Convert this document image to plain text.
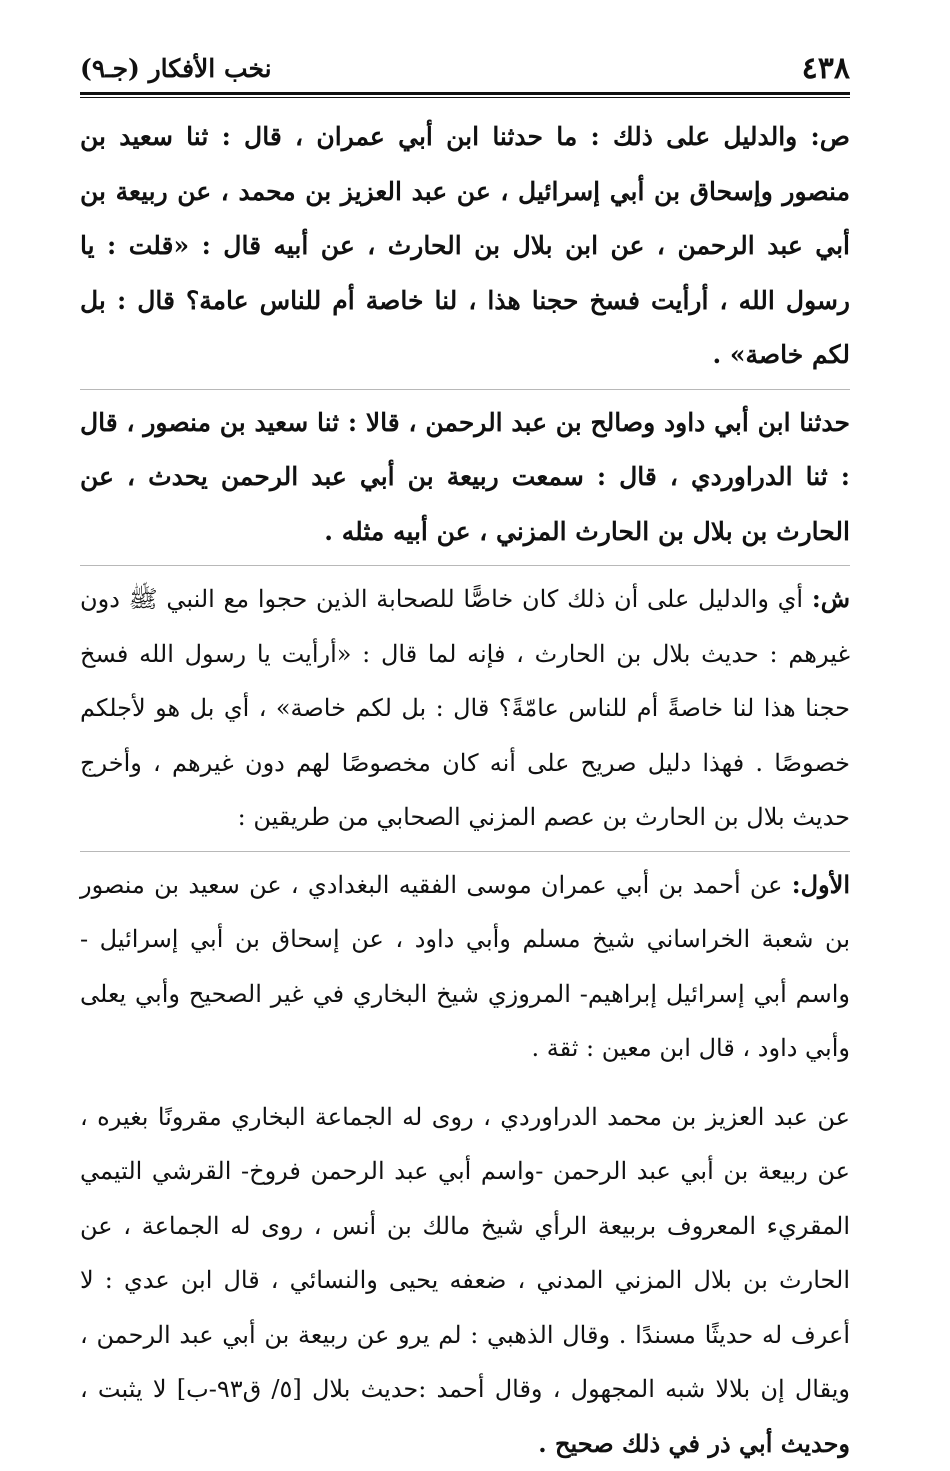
٤٣٨
نخب الأفكار (جـ٩)

ص: والدليل على ذلك : ما حدثنا ابن أبي عمران ، قال : ثنا سعيد بن منصور وإسحاق بن أبي إسرائيل ، عن عبد العزيز بن محمد ، عن ربيعة بن أبي عبد الرحمن ، عن ابن بلال بن الحارث ، عن أبيه قال : «قلت : يا رسول الله ، أرأيت فسخ حجنا هذا ، لنا خاصة أم للناس عامة؟ قال : بل لكم خاصة» .

حدثنا ابن أبي داود وصالح بن عبد الرحمن ، قالا : ثنا سعيد بن منصور ، قال : ثنا الدراوردي ، قال : سمعت ربيعة بن أبي عبد الرحمن يحدث ، عن الحارث بن بلال بن الحارث المزني ، عن أبيه مثله .

ش: أي والدليل على أن ذلك كان خاصًّا للصحابة الذين حجوا مع النبي ﷺ دون غيرهم : حديث بلال بن الحارث ، فإنه لما قال : «أرأيت يا رسول الله فسخ حجنا هذا لنا خاصةً أم للناس عامّةً؟ قال : بل لكم خاصة» ، أي بل هو لأجلكم خصوصًا . فهذا دليل صريح على أنه كان مخصوصًا لهم دون غيرهم ، وأخرج حديث بلال بن الحارث بن عصم المزني الصحابي من طريقين :

الأول: عن أحمد بن أبي عمران موسى الفقيه البغدادي ، عن سعيد بن منصور بن شعبة الخراساني شيخ مسلم وأبي داود ، عن إسحاق بن أبي إسرائيل - واسم أبي إسرائيل إبراهيم- المروزي شيخ البخاري في غير الصحيح وأبي يعلى وأبي داود ، قال ابن معين : ثقة .

عن عبد العزيز بن محمد الدراوردي ، روى له الجماعة البخاري مقرونًا بغيره ، عن ربيعة بن أبي عبد الرحمن -واسم أبي عبد الرحمن فروخ- القرشي التيمي المقريء المعروف بربيعة الرأي شيخ مالك بن أنس ، روى له الجماعة ، عن الحارث بن بلال المزني المدني ، ضعفه يحيى والنسائي ، قال ابن عدي : لا أعرف له حديثًا مسندًا . وقال الذهبي : لم يرو عن ربيعة بن أبي عبد الرحمن ، ويقال إن بلالا شبه المجهول ، وقال أحمد :حديث بلال [٥/ ق٩٣-ب] لا يثبت ، وحديث أبي ذر في ذلك صحيح .
